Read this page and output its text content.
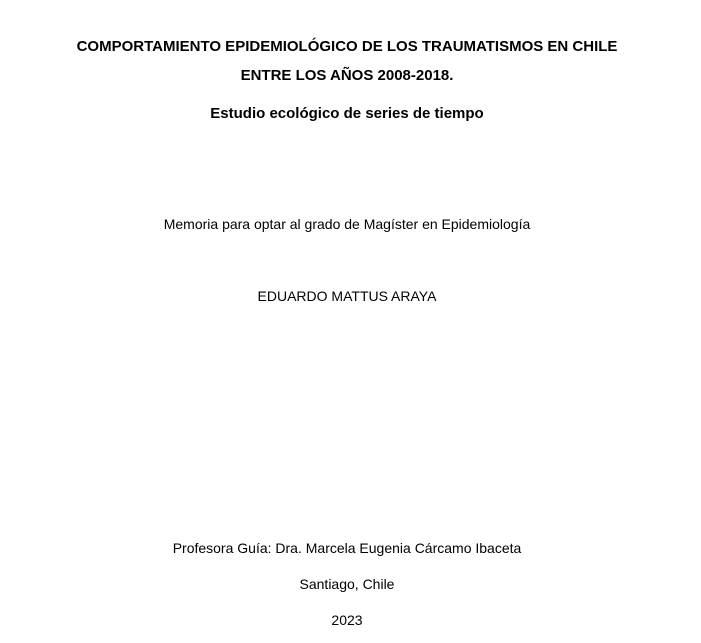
COMPORTAMIENTO EPIDEMIOLÓGICO DE LOS TRAUMATISMOS EN CHILE
ENTRE LOS AÑOS 2008-2018.
Estudio ecológico de series de tiempo
Memoria para optar al grado de Magíster en Epidemiología
EDUARDO MATTUS ARAYA
Profesora Guía: Dra. Marcela Eugenia Cárcamo Ibaceta
Santiago, Chile
2023
